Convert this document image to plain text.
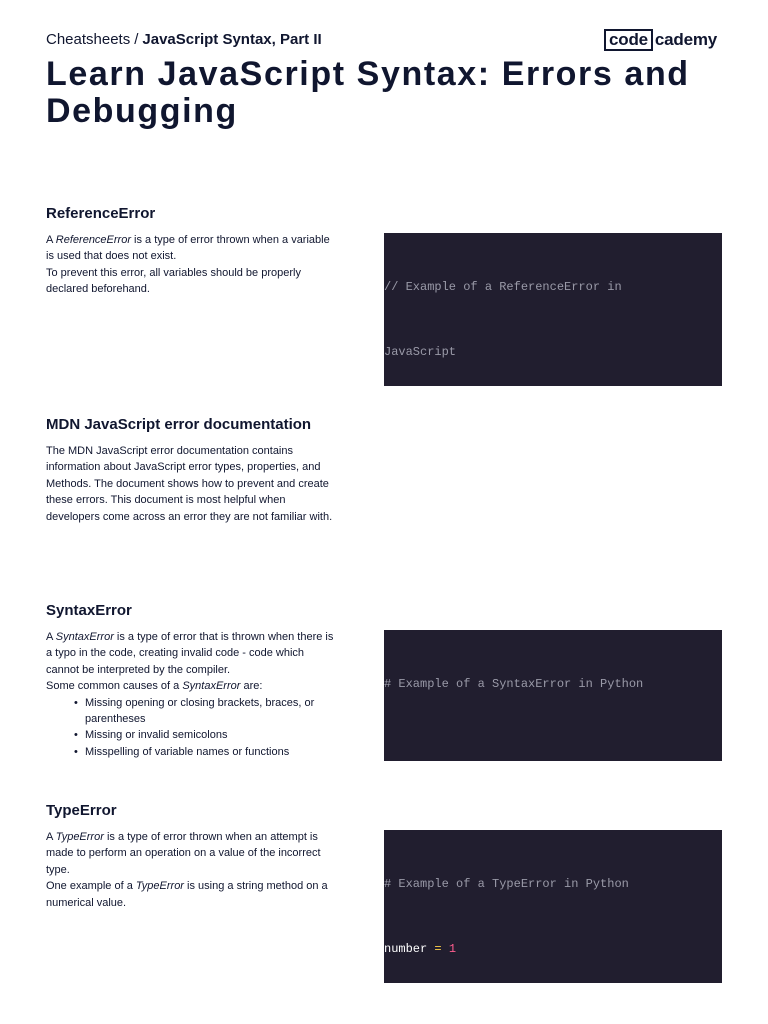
Cheatsheets / JavaScript Syntax, Part II	code cademy
Learn JavaScript Syntax: Errors and Debugging
ReferenceError

A ReferenceError is a type of error thrown when a variable is used that does not exist.

To prevent this error, all variables should be properly declared beforehand.

	// Example of a ReferenceError in

JavaScript

MDN JavaScript error documentation

The MDN JavaScript error documentation contains information about JavaScript error types, properties, and Methods. The document shows how to prevent and create these errors. This document is most helpful when developers come across an error they are not familiar with.

SyntaxError

A SyntaxError is a type of error that is thrown when there is a typo in the code, creating invalid code - code which cannot be interpreted by the compiler.

Some common causes of a SyntaxError are:

• Missing opening or closing brackets, braces, or parentheses
• Missing or invalid semicolons
• Misspelling of variable names or functions

# Example of a SyntaxError in Python

TypeError

A TypeError is a type of error thrown when an attempt is made to perform an operation on a value of the incorrect type.

One example of a TypeError is using a string method on a numerical value.

# Example of a TypeError in Python

number = 1
